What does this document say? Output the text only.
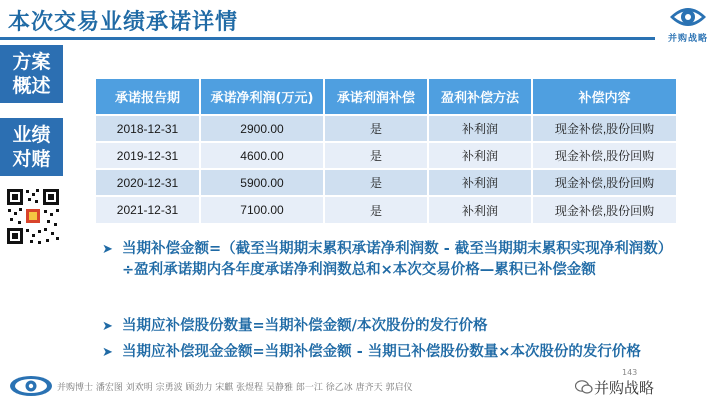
本次交易业绩承诺详情
并购战略
方案
概述
业绩
对赌
承诺报告期	承诺净利润(万元)	承诺利润补偿	盈利补偿方法	补偿内容
2018-12-31	2900.00	是	补利润	现金补偿,股份回购
2019-12-31	4600.00	是	补利润	现金补偿,股份回购
2020-12-31	5900.00	是	补利润	现金补偿,股份回购
2021-12-31	7100.00	是	补利润	现金补偿,股份回购
➤ 当期补偿金额=（截至当期期末累积承诺净利润数 - 截至当期期末累积实现净利润数）÷盈利承诺期内各年度承诺净利润数总和×本次交易价格—累积已补偿金额
➤ 当期应补偿股份数量=当期补偿金额/本次股份的发行价格
➤ 当期应补偿现金金额=当期补偿金额 - 当期已补偿股份数量×本次股份的发行价格
并购博士 潘宏图 刘欢明 宗勇波 顾劲力 宋麒 张煜程 吴静雅 郎一江 徐乙冰 唐齐天 郭启仪
143
并购战略
